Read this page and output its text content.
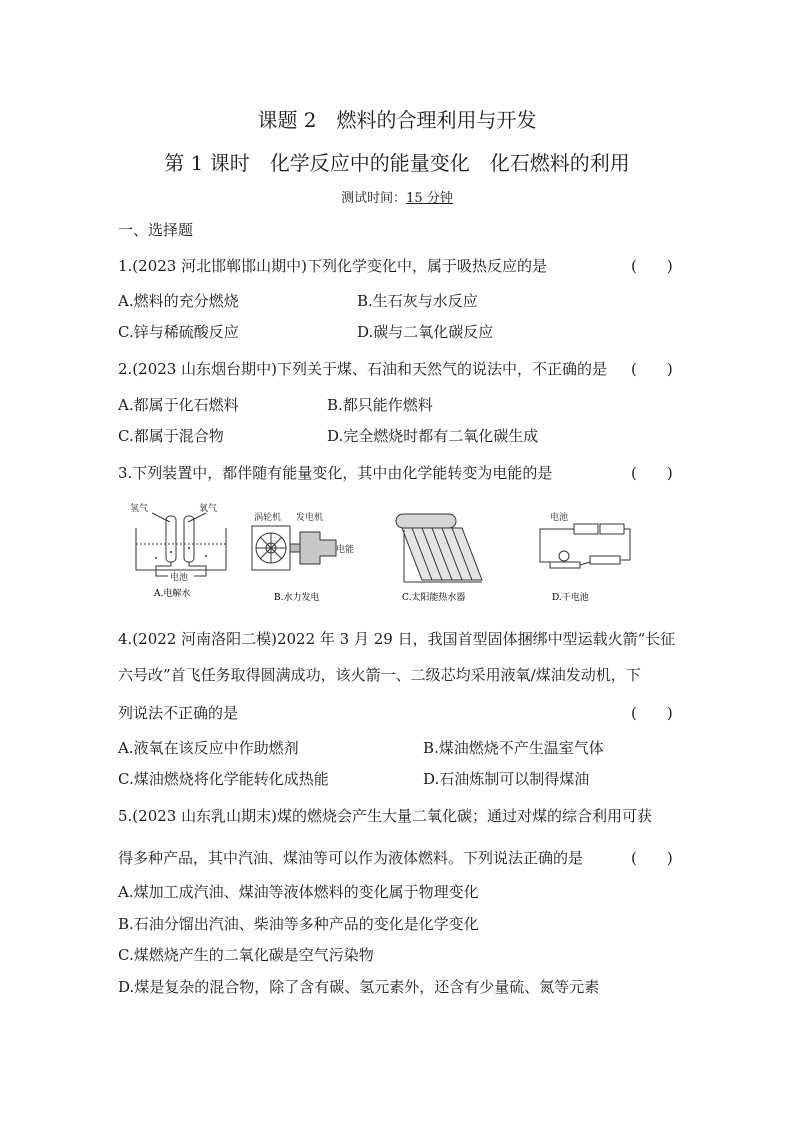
课题 2　燃料的合理利用与开发
第 1 课时　化学反应中的能量变化　化石燃料的利用
测试时间：15 分钟
一、选择题
1.(2023 河北邯郸邯山期中)下列化学变化中，属于吸热反应的是	(　　)
A.燃料的充分燃烧	B.生石灰与水反应
C.锌与稀硫酸反应	D.碳与二氧化碳反应
2.(2023 山东烟台期中)下列关于煤、石油和天然气的说法中，不正确的是 (　　)
A.都属于化石燃料	B.都只能作燃料
C.都属于混合物	D.完全燃烧时都有二氧化碳生成
3.下列装置中，都伴随有能量变化，其中由化学能转变为电能的是	(　　)
氢气	氧气
电池
A.电解水
涡轮机 发电机
电能
B.水力发电	C.太阳能热水器
电池
D.干电池
4.(2022 河南洛阳二模)2022 年 3 月 29 日，我国首型固体捆绑中型运载火箭“长征
六号改”首飞任务取得圆满成功，该火箭一、二级芯均采用液氧/煤油发动机，下
列说法不正确的是	(　　)
A.液氧在该反应中作助燃剂	B.煤油燃烧不产生温室气体
C.煤油燃烧将化学能转化成热能	D.石油炼制可以制得煤油
5.(2023 山东乳山期末)煤的燃烧会产生大量二氧化碳；通过对煤的综合利用可获
得多种产品，其中汽油、煤油等可以作为液体燃料。下列说法正确的是	(　　)
A.煤加工成汽油、煤油等液体燃料的变化属于物理变化
B.石油分馏出汽油、柴油等多种产品的变化是化学变化
C.煤燃烧产生的二氧化碳是空气污染物
D.煤是复杂的混合物，除了含有碳、氢元素外，还含有少量硫、氮等元素
